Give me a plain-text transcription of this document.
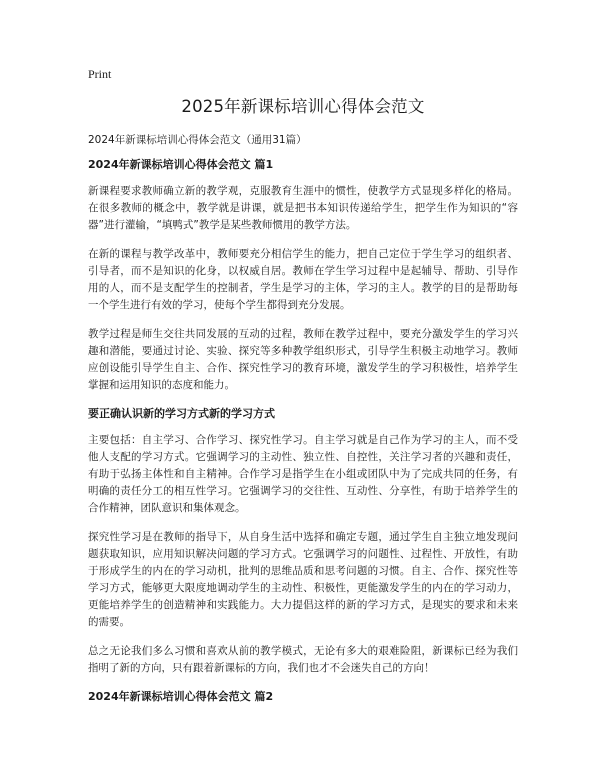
Print
2025年新课标培训心得体会范文
2024年新课标培训心得体会范文（通用31篇）
2024年新课标培训心得体会范文 篇1

新课程要求教师确立新的教学观，克服教育生涯中的惯性，使教学方式显现多样化的格局。在很多教师的概念中，教学就是讲课，就是把书本知识传递给学生，把学生作为知识的“容器”进行灌输，“填鸭式”教学是某些教师惯用的教学方法。

在新的课程与教学改革中，教师要充分相信学生的能力，把自己定位于学生学习的组织者、引导者，而不是知识的化身，以权威自居。教师在学生学习过程中是起辅导、帮助、引导作用的人，而不是支配学生的控制者，学生是学习的主体，学习的主人。教学的目的是帮助每一个学生进行有效的学习，使每个学生都得到充分发展。

教学过程是师生交往共同发展的互动的过程，教师在教学过程中，要充分激发学生的学习兴趣和潜能，要通过讨论、实验、探究等多种教学组织形式，引导学生积极主动地学习。教师应创设能引导学生自主、合作、探究性学习的教育环境，激发学生的学习积极性，培养学生掌握和运用知识的态度和能力。

要正确认识新的学习方式新的学习方式

主要包括：自主学习、合作学习、探究性学习。自主学习就是自己作为学习的主人，而不受他人支配的学习方式。它强调学习的主动性、独立性、自控性，关注学习者的兴趣和责任，有助于弘扬主体性和自主精神。合作学习是指学生在小组或团队中为了完成共同的任务，有明确的责任分工的相互性学习。它强调学习的交往性、互动性、分享性，有助于培养学生的合作精神，团队意识和集体观念。

探究性学习是在教师的指导下，从自身生活中选择和确定专题，通过学生自主独立地发现问题获取知识，应用知识解决问题的学习方式。它强调学习的问题性、过程性、开放性，有助于形成学生的内在的学习动机，批判的思维品质和思考问题的习惯。自主、合作、探究性等学习方式，能够更大限度地调动学生的主动性、积极性，更能激发学生的内在的学习动力，更能培养学生的创造精神和实践能力。大力提倡这样的新的学习方式，是现实的要求和未来的需要。

总之无论我们多么习惯和喜欢从前的教学模式，无论有多大的艰难险阻，新课标已经为我们指明了新的方向，只有跟着新课标的方向，我们也才不会迷失自己的方向！

2024年新课标培训心得体会范文 篇2
